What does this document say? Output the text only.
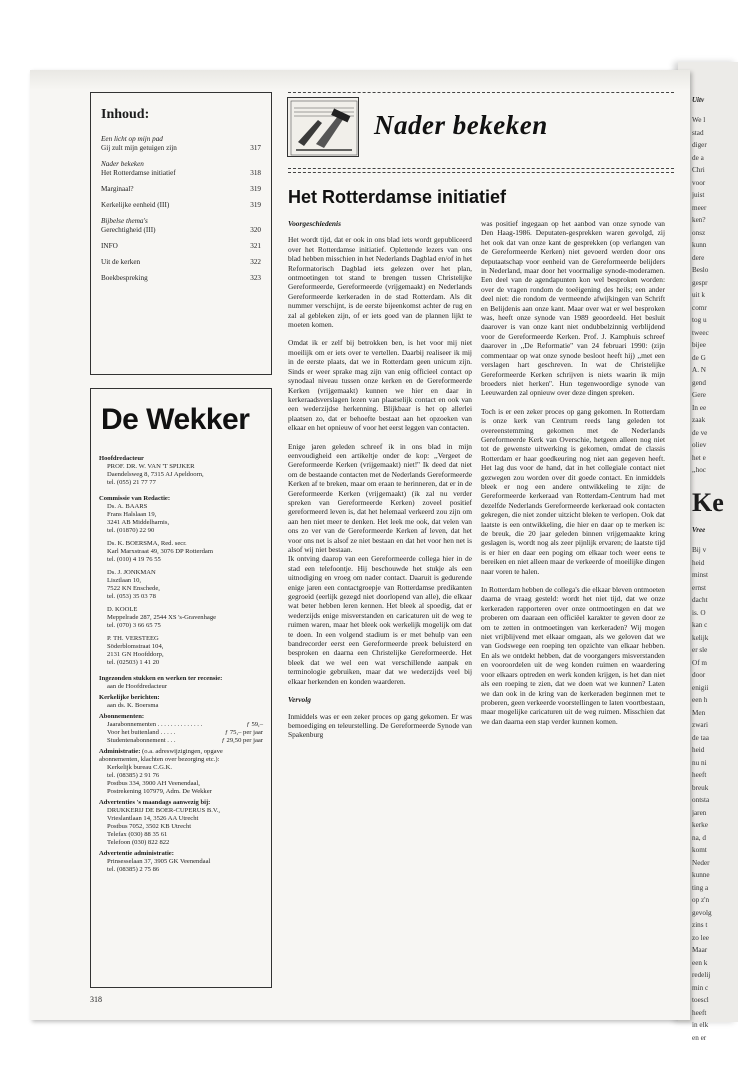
Uitv
We l
stad
diger
de a
Chri
voor
juist
meer
ken?
onsz
kunn
dere
Beslo
gespr
uit k
comr
tog u
tweec
bijee
de G
A. N
gend
Gere
In ee
zaak
de ve
oliev
het e
,,hoc
Ke
Vree
Bij v
heid
minst
ernst
dacht
is. O
kan c
kelijk
er sle
Of m
door
enigii
een h
Men
zwari
de taa
heid
nu ni
heeft
breuk
ontsta
jaren
kerke
na, d
komt
Neder
kunne
ting a
op z'n
gevolg
zins t
zo lee
Maar
een k
redelij
min c
toescl
heeft
in elk
en er
Inhoud:
Een licht op mijn pad
Gij zult mijn getuigen zijn	317
Nader bekeken
Het Rotterdamse initiatief	318
Marginaal?	319
Kerkelijke eenheid (III)	319
Bijbelse thema's
Gerechtigheid (III)	320
INFO	321
Uit de kerken	322
Boekbespreking	323
De Wekker
Hoofdredacteur
PROF. DR. W. VAN 'T SPIJKER
Daendelsweg 8, 7315 AJ Apeldoorn,
tel. (055) 21 77 77
Commissie van Redactie:
Ds. A. BAARS
Frans Halslaan 19,
3241 AB Middelharnis,
tel. (01870) 22 90
Ds. K. BOERSMA, Red. secr.
Karl Marxstraat 49, 3076 DP Rotterdam
tel. (010) 4 19 76 55
Ds. J. JONKMAN
Lisztlaan 10,
7522 KN Enschede,
tel. (053) 35 03 78
D. KOOLE
Meppelrade 287, 2544 XS 's-Gravenhage
tel. (070) 3 66 65 75
P. TH. VERSTEEG
Söderblomstraat 104,
2131 GN Hoofddorp,
tel. (02503) 1 41 20
Ingezonden stukken en werken ter recensie:
aan de Hoofdredacteur
Kerkelijke berichten:
aan ds. K. Boersma
Abonnementen:
Jaarabonnementen . . . . . . . . . . . . . .	ƒ 59,–
Voor het buitenland . . . . .	ƒ 75,– per jaar
Studentenabonnement . . .	ƒ 29,50 per jaar
Administratie: (o.a. adreswijzigingen, opgave abonnementen, klachten over bezorging etc.):
Kerkelijk bureau C.G.K.
tel. (08385) 2 91 76
Postbus 334, 3900 AH Veenendaal,
Postrekening 107979, Adm. De Wekker
Advertenties 's maandags aanwezig bij:
DRUKKERIJ DE BOER-CUPERUS B.V.,
Vrieslantlaan 14, 3526 AA Utrecht
Postbus 7052, 3502 KB Utrecht
Telefax (030) 88 35 61
Telefoon (030) 822 822
Advertentie administratie:
Prinsesselaan 37, 3905 GK Veenendaal
tel. (08385) 2 75 86
318
Nader bekeken
Het Rotterdamse initiatief
Voorgeschiedenis

Het wordt tijd, dat er ook in ons blad iets wordt gepubliceerd over het Rotterdamse initiatief. Oplettende lezers van ons blad hebben misschien in het Nederlands Dagblad en/of in het Reformatorisch Dagblad iets gelezen over het plan, ontmoetingen tot stand te brengen tussen Christelijke Gereformeerde, Gereformeerde (vrijgemaakt) en Nederlands Gereformeerde kerkeraden in de stad Rotterdam. Als dit nummer verschijnt, is de eerste bijeenkomst achter de rug en zal al gebleken zijn, of er iets goed van de plannen lijkt te moeten komen.

Omdat ik er zelf bij betrokken ben, is het voor mij niet moeilijk om er iets over te vertellen. Daarbij realiseer ik mij in de eerste plaats, dat we in Rotterdam geen unicum zijn. Sinds er weer sprake mag zijn van enig officieel contact op synodaal niveau tussen onze kerken en de Gereformeerde Kerken (vrijgemaakt) kunnen we hier en daar in kerkeraadsverslagen lezen van plaatselijk contact en ook van een wederzijdse herkenning. Blijkbaar is het op allerlei plaatsen zo, dat er behoefte bestaat aan het opzoeken van elkaar en het opnieuw of voor het eerst leggen van contacten.

Enige jaren geleden schreef ik in ons blad in mijn eenvoudigheid een artikeltje onder de kop: ,,Vergeet de Gereformeerde Kerken (vrijgemaakt) niet!'' Ik deed dat niet om de bestaande contacten met de Nederlands Gereformeerde Kerken af te breken, maar om eraan te herinneren, dat er in de Gereformeerde Kerken (vrijgemaakt) (ik zal nu verder spreken van Gereformeerde Kerken) zoveel positief gereformeerd leven is, dat het helemaal verkeerd zou zijn om aan hen niet meer te denken. Het leek me ook, dat velen van ons zo ver van de Gereformeerde Kerken af leven, dat het voor ons net is alsof ze niet bestaan en dat het voor hen net is alsof wij niet bestaan.

Ik ontving daarop van een Gereformeerde collega hier in de stad een telefoontje. Hij beschouwde het stukje als een uitnodiging en vroeg om nader contact. Daaruit is gedurende enige jaren een contactgroepje van Rotterdamse predikanten gegroeid (eerlijk gezegd niet doorlopend van alle), die elkaar wat beter hebben leren kennen. Het bleek al spoedig, dat er wederzijds enige misverstanden en caricaturen uit de weg te ruimen waren, maar het bleek ook werkelijk mogelijk om dat te doen. In een volgend stadium is er met behulp van een bandrecorder eerst een Gereformeerde preek beluisterd en besproken en daarna een Christelijke Gereformeerde. Het bleek dat we wel een wat verschillende aanpak en terminologie gebruiken, maar dat we wederzijds veel bij elkaar herkenden en konden waarderen.

Vervolg

Inmiddels was er een zeker proces op gang gekomen. Er was bemoediging en teleurstelling. De Gereformeerde Synode van Spakenburg

was positief ingegaan op het aanbod van onze synode van Den Haag-1986. Deputaten-gesprekken waren gevolgd, zij het ook dat van onze kant de gesprekken (op verlangen van de Gereformeerde Kerken) niet gevoerd werden door ons deputaatschap voor eenheid van de Gereformeerde belijders in Nederland, maar door het voormalige synode-moderamen. Een deel van de agendapunten kon wel besproken worden: over de vragen rondom de toeëigening des heils; een ander deel niet: die rondom de vermeende afwijkingen van Schrift en Belijdenis aan onze kant. Maar over wat er wel besproken was, heeft onze synode van 1989 geoordeeld. Het besluit daarover is van onze kant niet ondubbelzinnig verblijdend voor de Gereformeerde Kerken. Prof. J. Kamphuis schreef daarover in ,,De Reformatie'' van 24 februari 1990: (zijn commentaar op wat onze synode besloot heeft hij) ,,met een verslagen hart geschreven. In wat de Christelijke Gereformeerde Kerken schrijven is niets waarin ik mijn broeders niet herken''. Hun tegenwoordige synode van Leeuwarden zal opnieuw over deze dingen spreken.

Toch is er een zeker proces op gang gekomen. In Rotterdam is onze kerk van Centrum reeds lang geleden tot overeenstemming gekomen met de Nederlands Gereformeerde Kerk van Overschie, hetgeen alleen nog niet tot de gewenste uitwerking is gekomen, omdat de classis Rotterdam er haar goedkeuring nog niet aan gegeven heeft. Het lag dus voor de hand, dat in het collegiale contact niet gezwegen zou worden over dit goede contact. En inmiddels bleek er nog een andere ontwikkeling te zijn: de Gereformeerde kerkeraad van Rotterdam-Centrum had met dezelfde Nederlands Gereformeerde kerkeraad ook contacten gekregen, die niet zonder uitzicht bleken te verlopen. Ook dat laatste is een ontwikkeling, die hier en daar op te merken is: de breuk, die 20 jaar geleden binnen vrijgemaakte kring geslagen is, wordt nog als zeer pijnlijk ervaren; de laatste tijd is er hier en daar een poging om elkaar toch weer eens te bereiken en niet alleen maar de verkeerde of moeilijke dingen naar voren te halen.

In Rotterdam hebben de collega's die elkaar bleven ontmoeten daarna de vraag gesteld: wordt het niet tijd, dat we onze kerkeraden rapporteren over onze ontmoetingen en dat we proberen om daaraan een officiëel karakter te geven door ze om te zetten in ontmoetingen van kerkeraden? Wij mogen niet vrijblijvend met elkaar omgaan, als we geloven dat we van Godswege een roeping ten opzichte van elkaar hebben. En als we ontdekt hebben, dat de voorgangers misverstanden en vooroordelen uit de weg konden ruimen en waardering voor elkaars optreden en werk konden krijgen, is het dan niet als een roeping te zien, dat we doen wat we kunnen? Laten we dan ook in de kring van de kerkeraden beginnen met te proberen, geen verkeerde voorstellingen te laten voortbestaan, maar mogelijke caricaturen uit de weg ruimen. Misschien dat we dan daarna een stap verder kunnen komen.
